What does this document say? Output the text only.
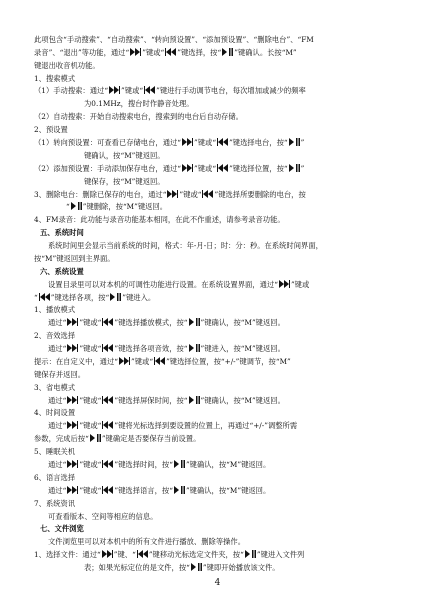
此项包含“手动搜索”、“自动搜索”、“转向预设置”、“添加预设置”、“删除电台”、“FM
录音”、“退出”等功能，通过“ ”键或“ ”键选择，按“ ”键确认。长按“M”
键退出收音机功能。
1、搜索模式
（1）手动搜索：通过“ ”键或“ ”键进行手动调节电台，每次增加或减少的频率
为0.1MHz，搜台时作静音处理。
（2）自动搜索：开始自动搜索电台，搜索到的电台后自动存储。
2、预设置
（1）转向预设置：可查看已存储电台，通过“ ”键或“ ”键选择电台，按“ ”
键确认，按“M”键返回。
（2）添加预设置：手动添加保存电台，通过“ ”键或“ ”键选择位置，按“ ”
键保存，按“M”键返回。
3、删除电台：删除已保存的电台，通过“ ”键或“ ”键选择所要删除的电台，按
“ ”键删除，按“M”键返回。
4、FM录音：此功能与录音功能基本相同，在此不作重述，请参考录音功能。
五、系统时间
系统时间里会显示当前系统的时间，格式：年-月-日；时：分：秒。在系统时间界面，
按“M”键返回到主界面。
六、系统设置
设置目录里可以对本机的可调性功能进行设置。在系统设置界面，通过“ ”键或
“ ”键选择各项，按“ ”键进入。
1、播放模式
通过“ ”键或“ ”键选择播放模式，按“ ”键确认，按“M”键返回。
2、音效选择
通过“ ”键或“ ”键选择各项音效，按“ ”键进入，按“M”键返回。
提示：在自定义中，通过“ ”键或“ ”键选择位置，按“+/-”键调节，按“M”
键保存并返回。
3、省电模式
通过“ ”键或“ ”键选择屏保时间，按“ ”键确认，按“M”键返回。
4、时间设置
通过“ ”键或“ ”键将光标选择到要设置的位置上，再通过“+/-”调整所需
参数，完成后按“ ”键确定是否要保存当前设置。
5、睡眠关机
通过“ ”键或“ ”键选择时间，按“ ”键确认，按“M”键返回。
6、语言选择
通过“ ”键或“ ”键选择语言，按“ ”键确认，按“M”键返回。
7、系统资讯
可查看版本、空间等相应的信息。
七、文件浏览
文件浏览里可以对本机中的所有文件进行播放、删除等操作。
1、选择文件：通过“ ”键、“ ”键移动光标选定文件夹，按“ ”键进入文件列
表；如果光标定位的是文件，按“ ”键即开始播放该文件。
4
